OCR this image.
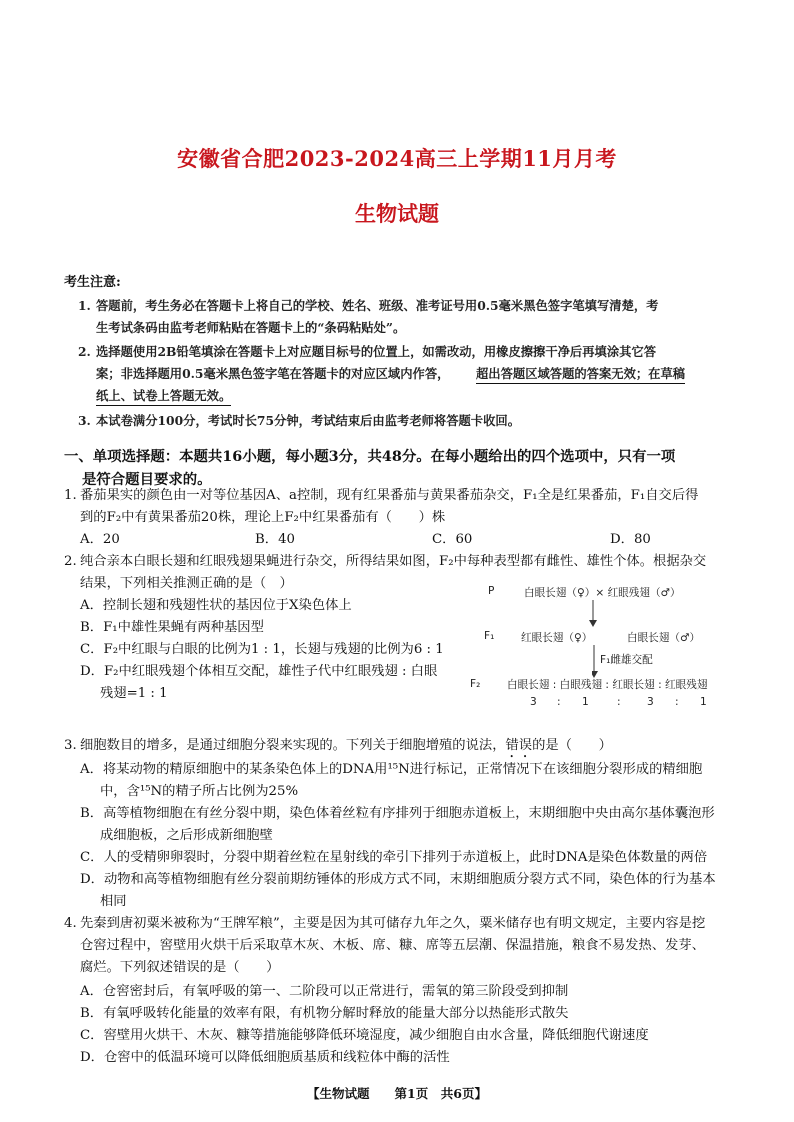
安徽省合肥2023-2024高三上学期11月月考
生物试题
考生注意:
1. 答题前，考生务必在答题卡上将自己的学校、姓名、班级、准考证号用0.5毫米黑色签字笔填写清楚，考
生考试条码由监考老师粘贴在答题卡上的“条码粘贴处”。
2. 选择题使用2B铅笔填涂在答题卡上对应题目标号的位置上，如需改动，用橡皮擦擦干净后再填涂其它答
案；非选择题用0.5毫米黑色签字笔在答题卡的对应区域内作答， 超出答题区域答题的答案无效；在草稿
纸上、试卷上答题无效。
3. 本试卷满分100分，考试时长75分钟，考试结束后由监考老师将答题卡收回。
一、单项选择题：本题共16小题，每小题3分，共48分。在每小题给出的四个选项中，只有一项
是符合题目要求的。
1. 番茄果实的颜色由一对等位基因A、a控制，现有红果番茄与黄果番茄杂交，F₁全是红果番茄，F₁自交后得
到的F₂中有黄果番茄20株，理论上F₂中红果番茄有（　　）株
A．20	B．40	C．60	D．80
2. 纯合亲本白眼长翅和红眼残翅果蝇进行杂交，所得结果如图，F₂中每种表型都有雌性、雄性个体。根据杂交
结果，下列相关推测正确的是（　）
A．控制长翅和残翅性状的基因位于X染色体上
B．F₁中雄性果蝇有两种基因型
C．F₂中红眼与白眼的比例为1 : 1，长翅与残翅的比例为6 : 1
D．F₂中红眼残翅个体相互交配，雄性子代中红眼残翅 : 白眼
残翅=1 : 1
P	白眼长翅（♀）× 红眼残翅（♂）
F₁	红眼长翅（♀）	白眼长翅（♂）
F₁雌雄交配
F₂	白眼长翅 : 白眼残翅 : 红眼长翅 : 红眼残翅
3 : 1	: 3 : 1
3. 细胞数目的增多，是通过细胞分裂来实现的。下列关于细胞增殖的说法，错误的是（　　）
A．将某动物的精原细胞中的某条染色体上的DNA用¹⁵N进行标记，正常情况下在该细胞分裂形成的精细胞
中，含¹⁵N的精子所占比例为25%
B．高等植物细胞在有丝分裂中期，染色体着丝粒有序排列于细胞赤道板上，末期细胞中央由高尔基体囊泡形
成细胞板，之后形成新细胞壁
C．人的受精卵卵裂时，分裂中期着丝粒在星射线的牵引下排列于赤道板上，此时DNA是染色体数量的两倍
D．动物和高等植物细胞有丝分裂前期纺锤体的形成方式不同，末期细胞质分裂方式不同，染色体的行为基本
相同
4. 先秦到唐初粟米被称为“王牌军粮”，主要是因为其可储存九年之久，粟米储存也有明文规定，主要内容是挖
仓窖过程中，窖壁用火烘干后采取草木灰、木板、席、糠、席等五层潮、保温措施，粮食不易发热、发芽、
腐烂。下列叙述错误的是（　　）
A．仓窖密封后，有氧呼吸的第一、二阶段可以正常进行，需氧的第三阶段受到抑制
B．有氧呼吸转化能量的效率有限，有机物分解时释放的能量大部分以热能形式散失
C．窖壁用火烘干、木灰、糠等措施能够降低环境湿度，减少细胞自由水含量，降低细胞代谢速度
D．仓窖中的低温环境可以降低细胞质基质和线粒体中酶的活性
【生物试题　　第1页　共6页】
